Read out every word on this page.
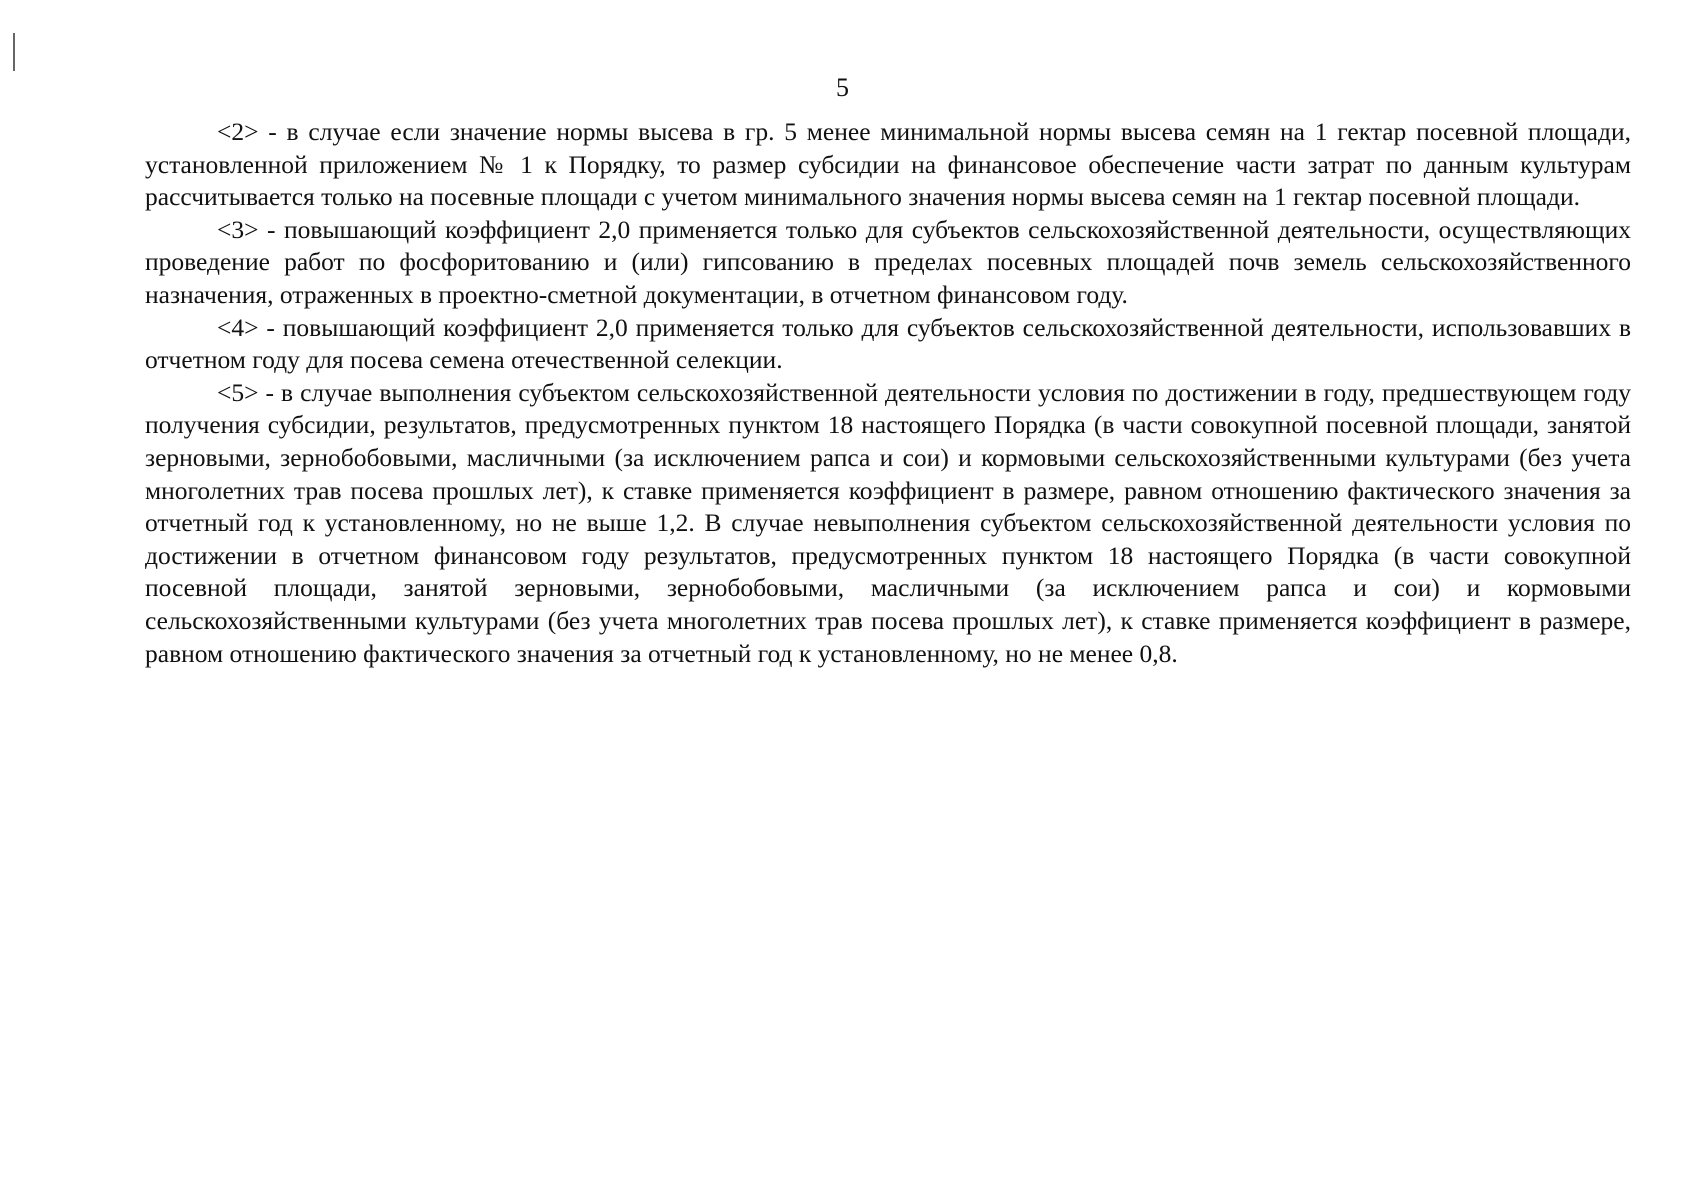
5

<2> - в случае если значение нормы высева в гр. 5 менее минимальной нормы высева семян на 1 гектар посевной площади, установленной приложением № 1 к Порядку, то размер субсидии на финансовое обеспечение части затрат по данным культурам рассчитывается только на посевные площади с учетом минимального значения нормы высева семян на 1 гектар посевной площади.

<3> - повышающий коэффициент 2,0 применяется только для субъектов сельскохозяйственной деятельности, осуществляющих проведение работ по фосфоритованию и (или) гипсованию в пределах посевных площадей почв земель сельскохозяйственного назначения, отраженных в проектно-сметной документации, в отчетном финансовом году.

<4> - повышающий коэффициент 2,0 применяется только для субъектов сельскохозяйственной деятельности, использовавших в отчетном году для посева семена отечественной селекции.

<5> - в случае выполнения субъектом сельскохозяйственной деятельности условия по достижении в году, предшествующем году получения субсидии, результатов, предусмотренных пунктом 18 настоящего Порядка (в части совокупной посевной площади, занятой зерновыми, зернобобовыми, масличными (за исключением рапса и сои) и кормовыми сельскохозяйственными культурами (без учета многолетних трав посева прошлых лет), к ставке применяется коэффициент в размере, равном отношению фактического значения за отчетный год к установленному, но не выше 1,2. В случае невыполнения субъектом сельскохозяйственной деятельности условия по достижении в отчетном финансовом году результатов, предусмотренных пунктом 18 настоящего Порядка (в части совокупной посевной площади, занятой зерновыми, зернобобовыми, масличными (за исключением рапса и сои) и кормовыми сельскохозяйственными культурами (без учета многолетних трав посева прошлых лет), к ставке применяется коэффициент в размере, равном отношению фактического значения за отчетный год к установленному, но не менее 0,8.
